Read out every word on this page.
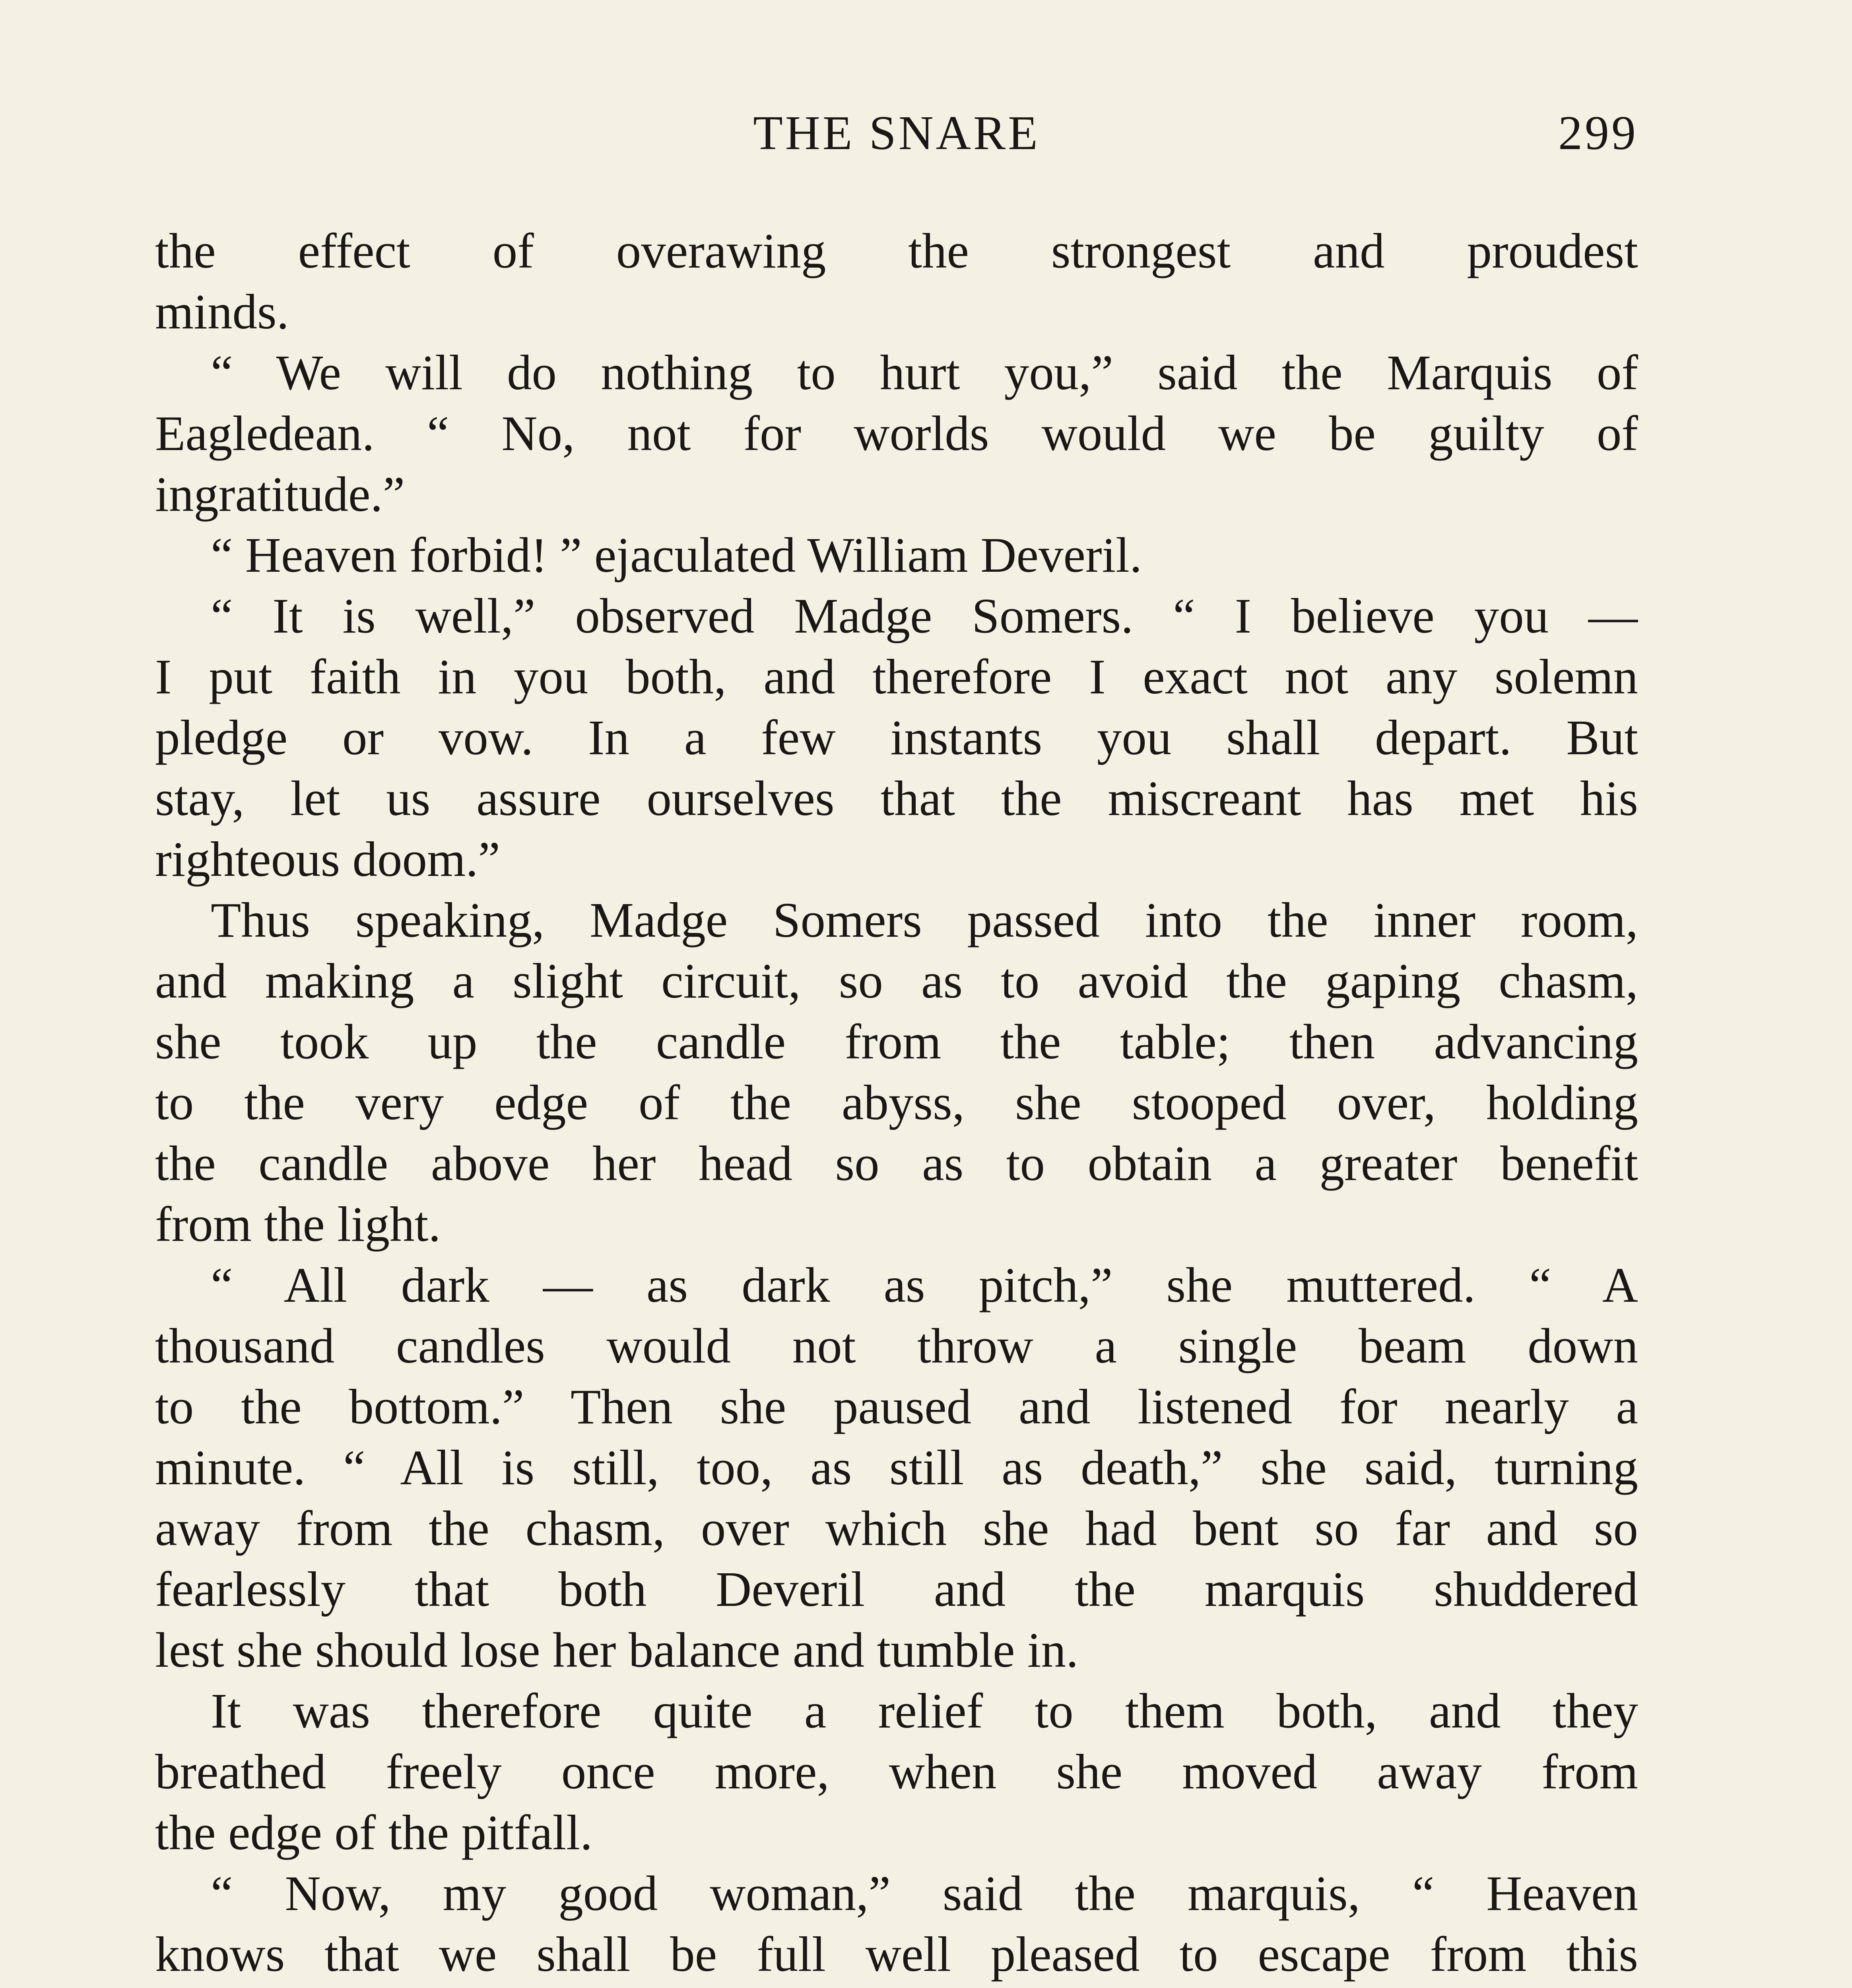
THE SNARE	299
the effect of overawing the strongest and proudest
minds.
“ We will do nothing to hurt you,” said the Marquis of
Eagledean. “ No, not for worlds would we be guilty of
ingratitude.”
“ Heaven forbid! ” ejaculated William Deveril.
“ It is well,” observed Madge Somers. “ I believe you —
I put faith in you both, and therefore I exact not any solemn
pledge or vow. In a few instants you shall depart. But
stay, let us assure ourselves that the miscreant has met his
righteous doom.”
Thus speaking, Madge Somers passed into the inner room,
and making a slight circuit, so as to avoid the gaping chasm,
she took up the candle from the table; then advancing
to the very edge of the abyss, she stooped over, holding
the candle above her head so as to obtain a greater benefit
from the light.
“ All dark — as dark as pitch,” she muttered. “ A
thousand candles would not throw a single beam down
to the bottom.” Then she paused and listened for nearly a
minute. “ All is still, too, as still as death,” she said, turning
away from the chasm, over which she had bent so far and so
fearlessly that both Deveril and the marquis shuddered
lest she should lose her balance and tumble in.
It was therefore quite a relief to them both, and they
breathed freely once more, when she moved away from
the edge of the pitfall.
“ Now, my good woman,” said the marquis, “ Heaven
knows that we shall be full well pleased to escape from this
